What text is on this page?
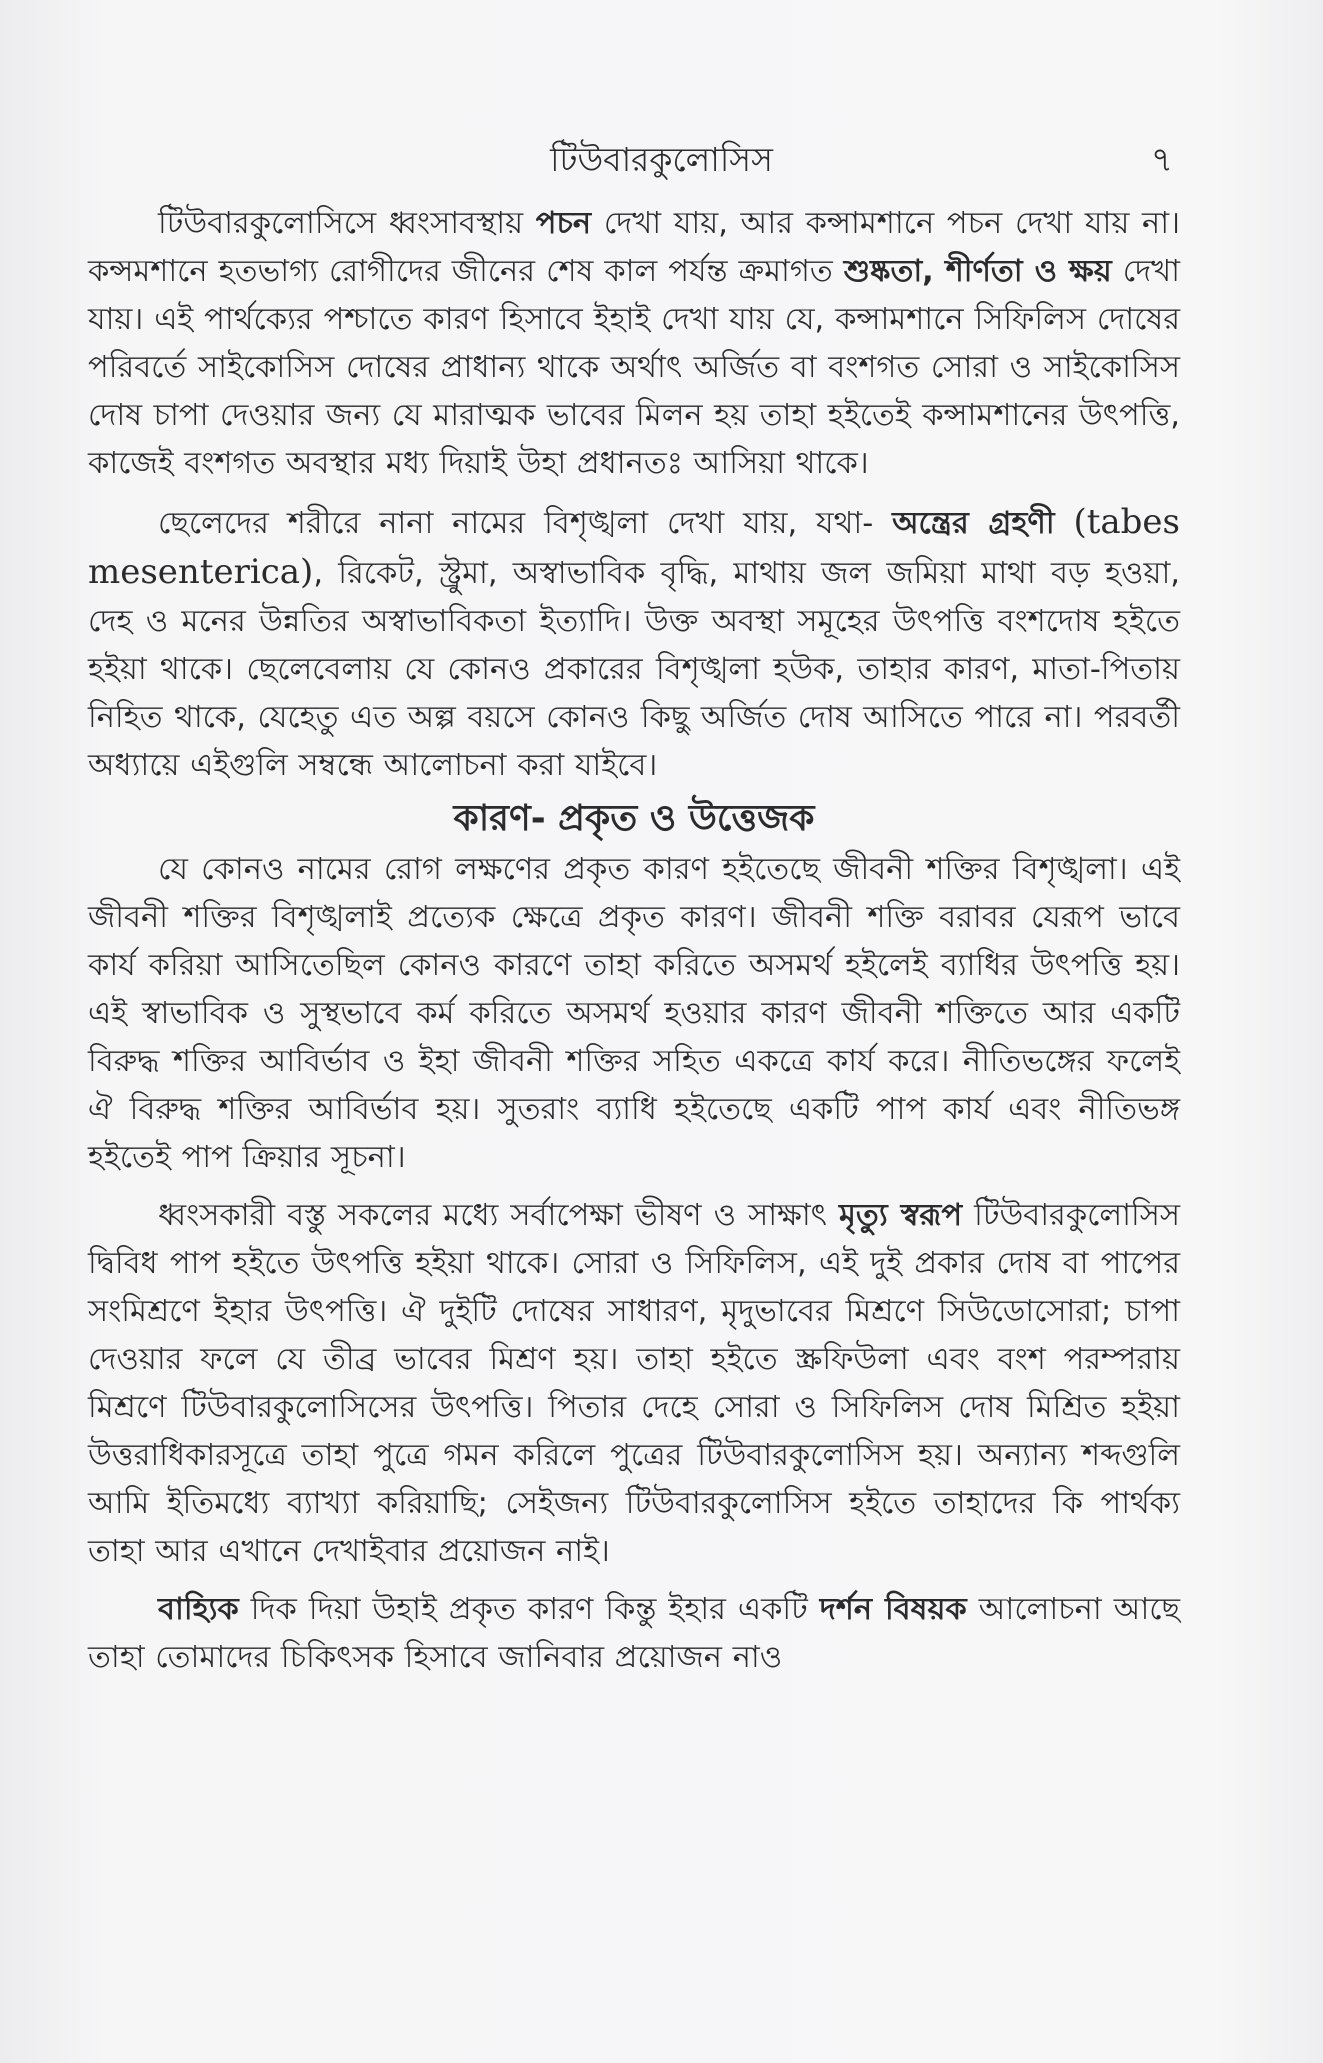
টিউবারকুলোসিস	৭

টিউবারকুলোসিসে ধ্বংসাবস্থায় পচন দেখা যায়, আর কন্সামশানে পচন দেখা যায় না। কন্সমশানে হতভাগ্য রোগীদের জীনের শেষ কাল পর্যন্ত ক্রমাগত শুষ্কতা, শীর্ণতা ও ক্ষয় দেখা যায়। এই পার্থক্যের পশ্চাতে কারণ হিসাবে ইহাই দেখা যায় যে, কন্সামশানে সিফিলিস দোষের পরিবর্তে সাইকোসিস দোষের প্রাধান্য থাকে অর্থাৎ অর্জিত বা বংশগত সোরা ও সাইকোসিস দোষ চাপা দেওয়ার জন্য যে মারাত্মক ভাবের মিলন হয় তাহা হইতেই কন্সামশানের উৎপত্তি, কাজেই বংশগত অবস্থার মধ্য দিয়াই উহা প্রধানতঃ আসিয়া থাকে।

ছেলেদের শরীরে নানা নামের বিশৃঙ্খলা দেখা যায়, যথা- অন্ত্রের গ্রহণী (tabes mesenterica), রিকেট, স্ট্রুমা, অস্বাভাবিক বৃদ্ধি, মাথায় জল জমিয়া মাথা বড় হওয়া, দেহ ও মনের উন্নতির অস্বাভাবিকতা ইত্যাদি। উক্ত অবস্থা সমূহের উৎপত্তি বংশদোষ হইতে হইয়া থাকে। ছেলেবেলায় যে কোনও প্রকারের বিশৃঙ্খলা হউক, তাহার কারণ, মাতা-পিতায় নিহিত থাকে, যেহেতু এত অল্প বয়সে কোনও কিছু অর্জিত দোষ আসিতে পারে না। পরবর্তী অধ্যায়ে এইগুলি সম্বন্ধে আলোচনা করা যাইবে।

কারণ- প্রকৃত ও উত্তেজক

যে কোনও নামের রোগ লক্ষণের প্রকৃত কারণ হইতেছে জীবনী শক্তির বিশৃঙ্খলা। এই জীবনী শক্তির বিশৃঙ্খলাই প্রত্যেক ক্ষেত্রে প্রকৃত কারণ। জীবনী শক্তি বরাবর যেরূপ ভাবে কার্য করিয়া আসিতেছিল কোনও কারণে তাহা করিতে অসমর্থ হইলেই ব্যাধির উৎপত্তি হয়। এই স্বাভাবিক ও সুস্থভাবে কর্ম করিতে অসমর্থ হওয়ার কারণ জীবনী শক্তিতে আর একটি বিরুদ্ধ শক্তির আবির্ভাব ও ইহা জীবনী শক্তির সহিত একত্রে কার্য করে। নীতিভঙ্গের ফলেই ঐ বিরুদ্ধ শক্তির আবির্ভাব হয়। সুতরাং ব্যাধি হইতেছে একটি পাপ কার্য এবং নীতিভঙ্গ হইতেই পাপ ক্রিয়ার সূচনা।

ধ্বংসকারী বস্তু সকলের মধ্যে সর্বাপেক্ষা ভীষণ ও সাক্ষাৎ মৃত্যু স্বরূপ টিউবারকুলোসিস দ্বিবিধ পাপ হইতে উৎপত্তি হইয়া থাকে। সোরা ও সিফিলিস, এই দুই প্রকার দোষ বা পাপের সংমিশ্রণে ইহার উৎপত্তি। ঐ দুইটি দোষের সাধারণ, মৃদুভাবের মিশ্রণে সিউডোসোরা; চাপা দেওয়ার ফলে যে তীব্র ভাবের মিশ্রণ হয়। তাহা হইতে স্ক্রফিউলা এবং বংশ পরম্পরায় মিশ্রণে টিউবারকুলোসিসের উৎপত্তি। পিতার দেহে সোরা ও সিফিলিস দোষ মিশ্রিত হইয়া উত্তরাধিকারসূত্রে তাহা পুত্রে গমন করিলে পুত্রের টিউবারকুলোসিস হয়। অন্যান্য শব্দগুলি আমি ইতিমধ্যে ব্যাখ্যা করিয়াছি; সেইজন্য টিউবারকুলোসিস হইতে তাহাদের কি পার্থক্য তাহা আর এখানে দেখাইবার প্রয়োজন নাই।

বাহ্যিক দিক দিয়া উহাই প্রকৃত কারণ কিন্তু ইহার একটি দর্শন বিষয়ক আলোচনা আছে তাহা তোমাদের চিকিৎসক হিসাবে জানিবার প্রয়োজন নাও
